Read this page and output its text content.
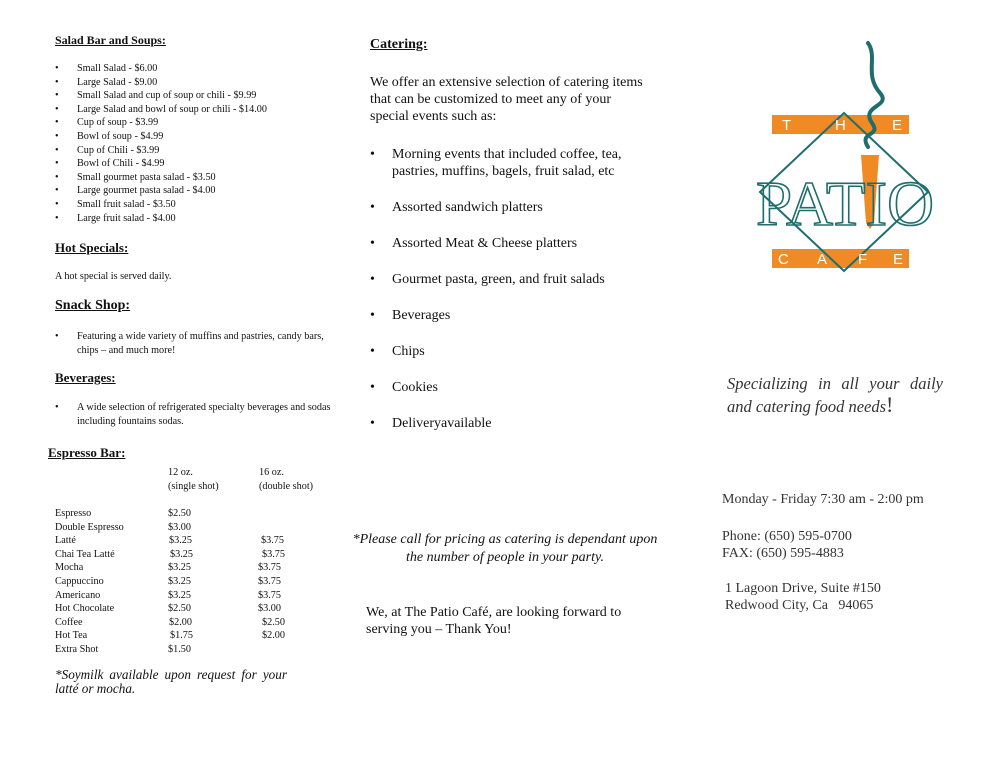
Salad Bar and Soups:
• Small Salad - $6.00
• Large Salad - $9.00
• Small Salad and cup of soup or chili - $9.99
• Large Salad and bowl of soup or chili - $14.00
• Cup of soup - $3.99
• Bowl of soup - $4.99
• Cup of Chili - $3.99
• Bowl of Chili - $4.99
• Small gourmet pasta salad - $3.50
• Large gourmet pasta salad - $4.00
• Small fruit salad - $3.50
• Large fruit salad - $4.00
Hot Specials:
A hot special is served daily.
Snack Shop:
• Featuring a wide variety of muffins and pastries, candy bars, chips – and much more!
Beverages:
• A wide selection of refrigerated specialty beverages and sodas including fountains sodas.
Espresso Bar:
12 oz.
(single shot)
16 oz.
(double shot)
Espresso	$2.50
Double Espresso	$3.00
Latté	$3.25	$3.75
Chai Tea Latté	$3.25	$3.75
Mocha	$3.25	$3.75
Cappuccino	$3.25	$3.75
Americano	$3.25	$3.75
Hot Chocolate	$2.50	$3.00
Coffee	$2.00	$2.50
Hot Tea	$1.75	$2.00
Extra Shot	$1.50
*Soymilk available upon request for your latté or mocha.
Catering:
We offer an extensive selection of catering items that can be customized to meet any of your special events such as:
• Morning events that included coffee, tea, pastries, muffins, bagels, fruit salad, etc
• Assorted sandwich platters
• Assorted Meat & Cheese platters
• Gourmet pasta, green, and fruit salads
• Beverages
• Chips
• Cookies
• Deliveryavailable
*Please call for pricing as catering is dependant upon the number of people in your party.
We, at The Patio Café, are looking forward to serving you – Thank You!
T	H	E
PATIO
C A F E
Specializing in all your daily and catering food needs!
Monday - Friday 7:30 am - 2:00 pm
Phone: (650) 595-0700
FAX: (650) 595-4883
1 Lagoon Drive, Suite #150
Redwood City, Ca   94065
